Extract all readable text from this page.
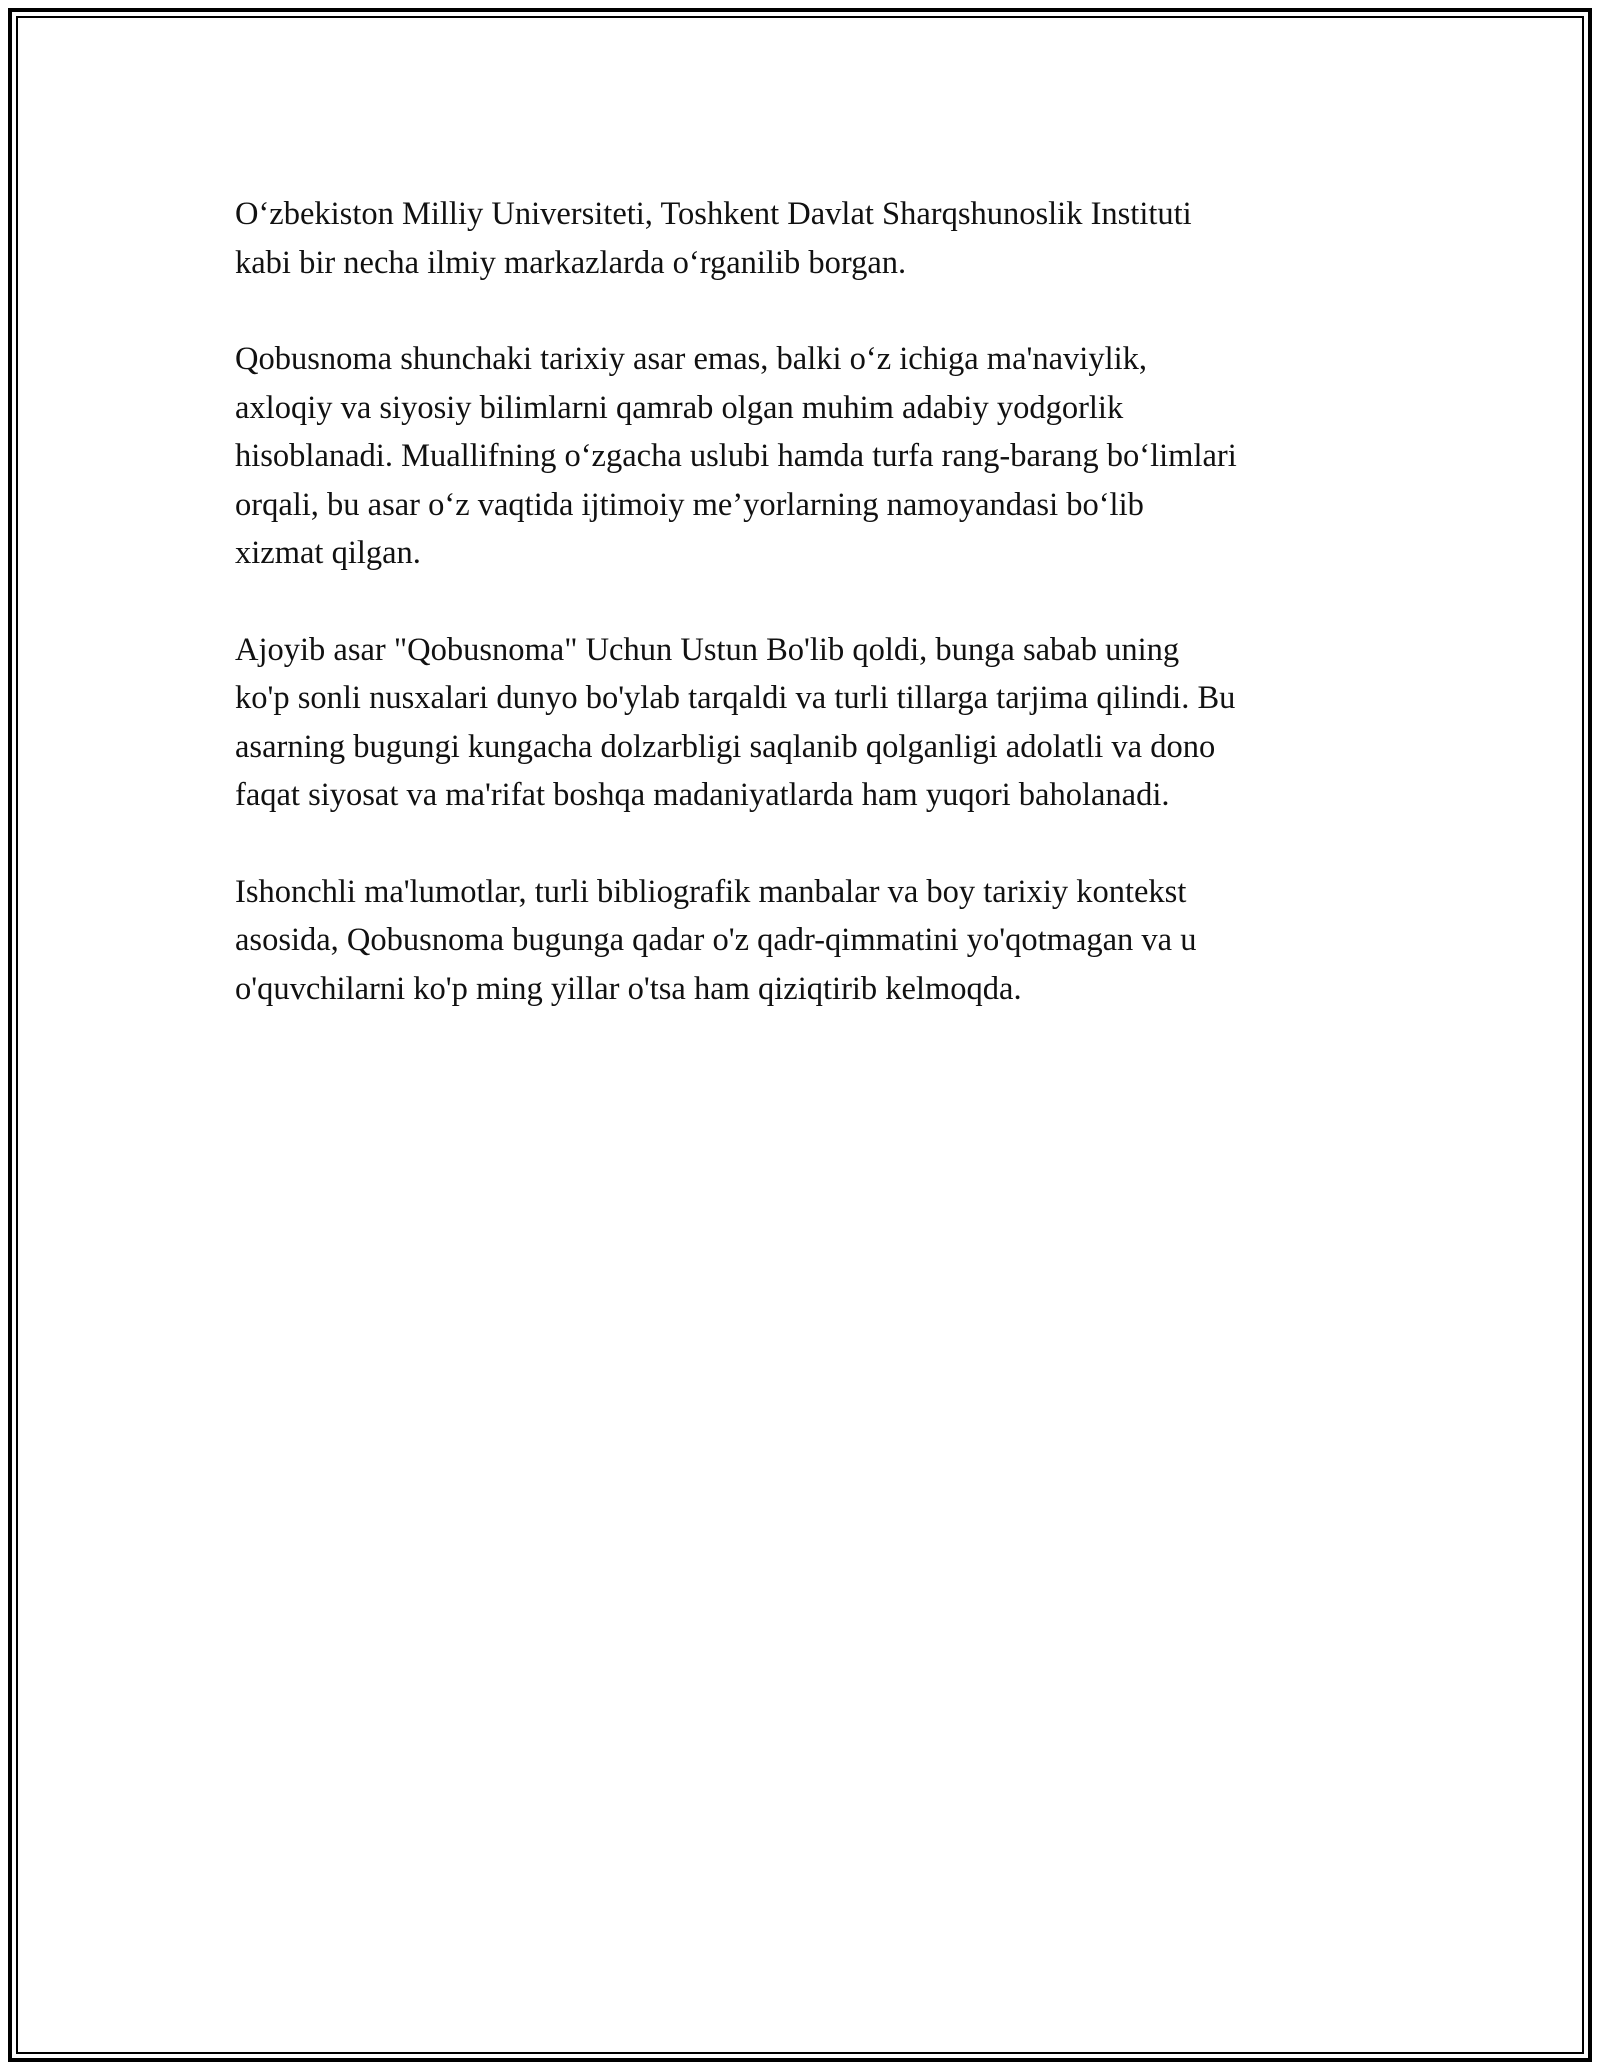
O‘zbekiston Milliy Universiteti, Toshkent Davlat Sharqshunoslik Instituti
kabi bir necha ilmiy markazlarda o‘rganilib borgan.

Qobusnoma shunchaki tarixiy asar emas, balki o‘z ichiga ma'naviylik,
axloqiy va siyosiy bilimlarni qamrab olgan muhim adabiy yodgorlik
hisoblanadi. Muallifning o‘zgacha uslubi hamda turfa rang-barang bo‘limlari
orqali, bu asar o‘z vaqtida ijtimoiy me’yorlarning namoyandasi bo‘lib
xizmat qilgan.

Ajoyib asar "Qobusnoma" Uchun Ustun Bo'lib qoldi, bunga sabab uning
ko'p sonli nusxalari dunyo bo'ylab tarqaldi va turli tillarga tarjima qilindi. Bu
asarning bugungi kungacha dolzarbligi saqlanib qolganligi adolatli va dono
faqat siyosat va ma'rifat boshqa madaniyatlarda ham yuqori baholanadi.

Ishonchli ma'lumotlar, turli bibliografik manbalar va boy tarixiy kontekst
asosida, Qobusnoma bugunga qadar o'z qadr-qimmatini yo'qotmagan va u
o'quvchilarni ko'p ming yillar o'tsa ham qiziqtirib kelmoqda.
